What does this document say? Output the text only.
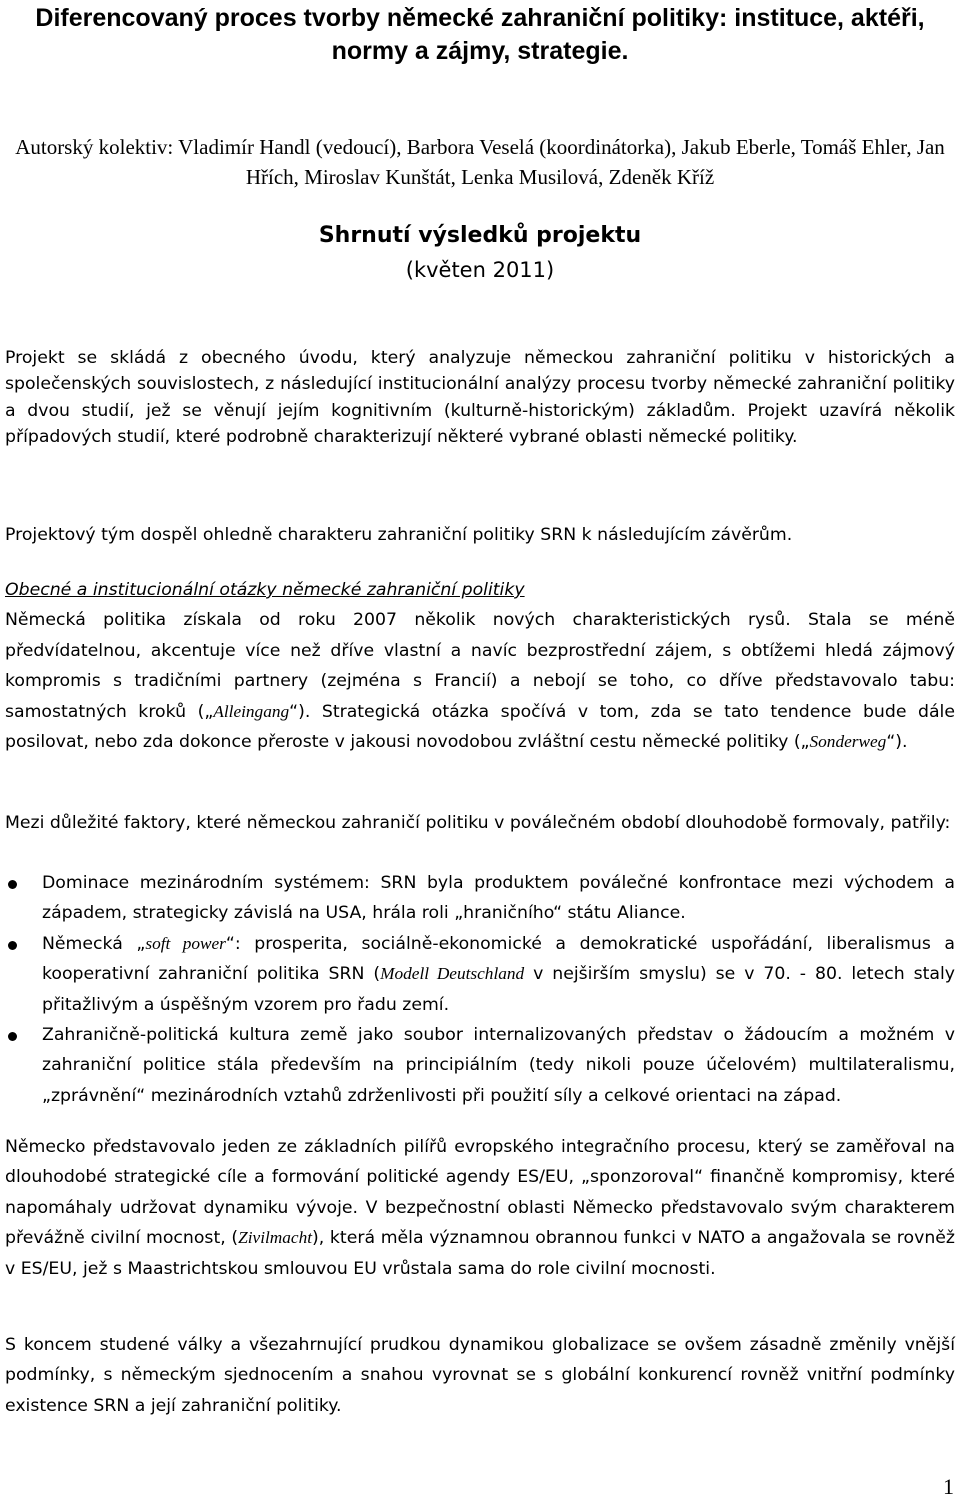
Diferencovaný proces tvorby německé zahraniční politiky: instituce, aktéři, normy a zájmy, strategie.

Autorský kolektiv: Vladimír Handl (vedoucí), Barbora Veselá (koordinátorka), Jakub Eberle, Tomáš Ehler, Jan Hřích, Miroslav Kunštát, Lenka Musilová, Zdeněk Kříž

Shrnutí výsledků projektu

(květen 2011)

Projekt se skládá z obecného úvodu, který analyzuje německou zahraniční politiku v historických a společenských souvislostech, z následující institucionální analýzy procesu tvorby německé zahraniční politiky a dvou studií, jež se věnují jejím kognitivním (kulturně-historickým) základům. Projekt uzavírá několik případových studií, které podrobně charakterizují některé vybrané oblasti německé politiky.

Projektový tým dospěl ohledně charakteru zahraniční politiky SRN k následujícím závěrům.

Obecné a institucionální otázky německé zahraniční politiky
Německá politika získala od roku 2007 několik nových charakteristických rysů. Stala se méně předvídatelnou, akcentuje více než dříve vlastní a navíc bezprostřední zájem, s obtížemi hledá zájmový kompromis s tradičními partnery (zejména s Francií) a nebojí se toho, co dříve představovalo tabu: samostatných kroků („Alleingang“). Strategická otázka spočívá v tom, zda se tato tendence bude dále posilovat, nebo zda dokonce přeroste v jakousi novodobou zvláštní cestu německé politiky („Sonderweg“).

Mezi důležité faktory, které německou zahraničí politiku v poválečném období dlouhodobě formovaly, patřily:

Dominace mezinárodním systémem: SRN byla produktem poválečné konfrontace mezi východem a západem, strategicky závislá na USA, hrála roli „hraničního“ státu Aliance.
Německá „soft power“: prosperita, sociálně-ekonomické a demokratické uspořádání, liberalismus a kooperativní zahraniční politika SRN (Modell Deutschland v nejširším smyslu) se v 70. - 80. letech staly přitažlivým a úspěšným vzorem pro řadu zemí.
Zahraničně-politická kultura země jako soubor internalizovaných představ o žádoucím a možném v zahraniční politice stála především na principiálním (tedy nikoli pouze účelovém) multilateralismu, „zprávnění“ mezinárodních vztahů zdrženlivosti při použití síly a celkové orientaci na západ.

Německo představovalo jeden ze základních pilířů evropského integračního procesu, který se zaměřoval na dlouhodobé strategické cíle a formování politické agendy ES/EU, „sponzoroval“ finančně kompromisy, které napomáhaly udržovat dynamiku vývoje. V bezpečnostní oblasti Německo představovalo svým charakterem převážně civilní mocnost, (Zivilmacht), která měla významnou obrannou funkci v NATO a angažovala se rovněž v ES/EU, jež s Maastrichtskou smlouvou EU vrůstala sama do role civilní mocnosti.

S koncem studené války a všezahrnující prudkou dynamikou globalizace se ovšem zásadně změnily vnější podmínky, s německým sjednocením a snahou vyrovnat se s globální konkurencí rovněž vnitřní podmínky existence SRN a její zahraniční politiky.

1
